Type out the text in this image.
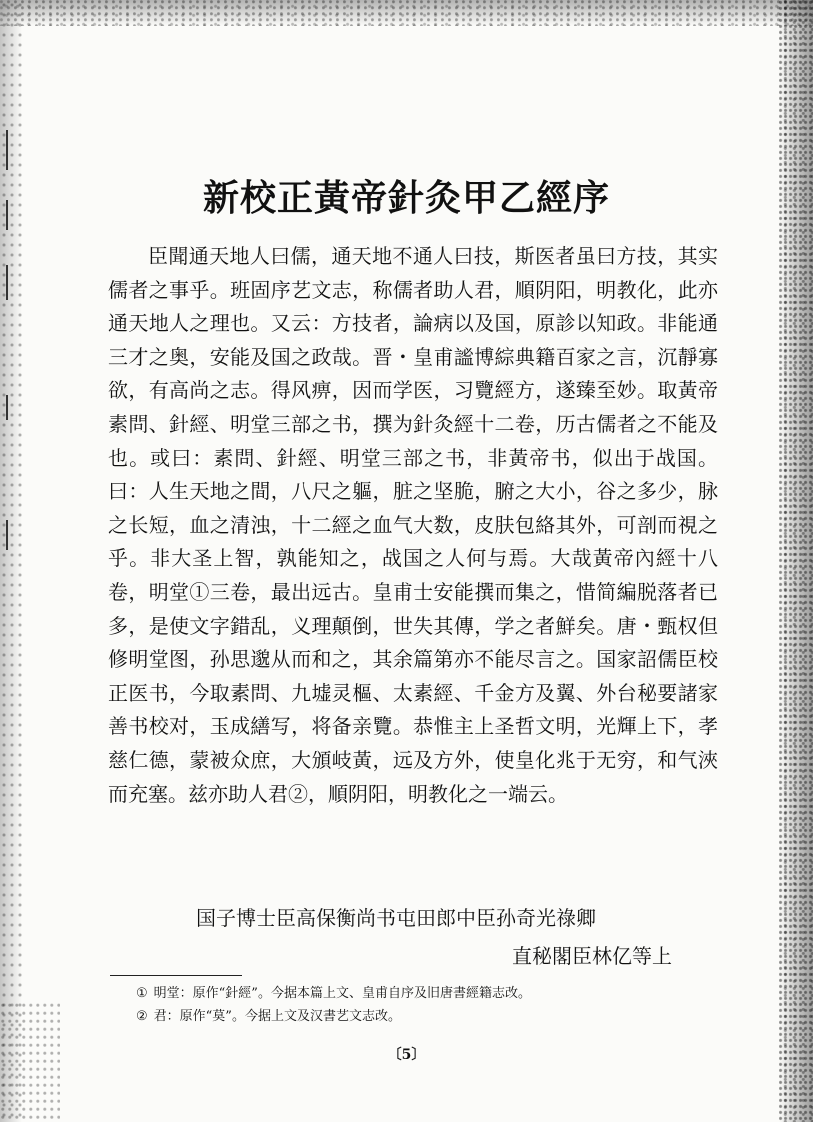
新校正黃帝針灸甲乙經序

臣聞通天地人曰儒，通天地不通人曰技，斯医者虽曰方技，其实儒者之事乎。班固序艺文志，称儒者助人君，順阴阳，明教化，此亦通天地人之理也。又云：方技者，論病以及国，原診以知政。非能通三才之奥，安能及国之政哉。晋・皇甫謐博綜典籍百家之言，沉靜寡欲，有高尚之志。得风痹，因而学医，习覽經方，遂臻至妙。取黃帝素問、針經、明堂三部之书，撰为針灸經十二卷，历古儒者之不能及也。或曰：素問、針經、明堂三部之书，非黃帝书，似出于战国。曰：人生天地之間，八尺之軀，脏之坚脆，腑之大小，谷之多少，脉之长短，血之清浊，十二經之血气大数，皮肤包絡其外，可剖而視之乎。非大圣上智，孰能知之，战国之人何与焉。大哉黃帝內經十八卷，明堂①三卷，最出远古。皇甫士安能撰而集之，惜简編脱落者已多，是使文字錯乱，义理顛倒，世失其傳，学之者鮮矣。唐・甄权但修明堂图，孙思邈从而和之，其余篇第亦不能尽言之。国家詔儒臣校正医书，今取素問、九墟灵樞、太素經、千金方及翼、外台秘要諸家善书校对，玉成繕写，将备亲覽。恭惟主上圣哲文明，光輝上下，孝慈仁德，蒙被众庶，大頒岐黃，远及方外，使皇化兆于无穷，和气浹而充塞。兹亦助人君②，順阴阳，明教化之一端云。

国子博士臣高保衡尚书屯田郎中臣孙奇光祿卿
直秘閣臣林亿等上
① 明堂：原作“針經”。今据本篇上文、皇甫自序及旧唐書經籍志改。
② 君：原作“莫”。今据上文及汉書艺文志改。
〔5〕
